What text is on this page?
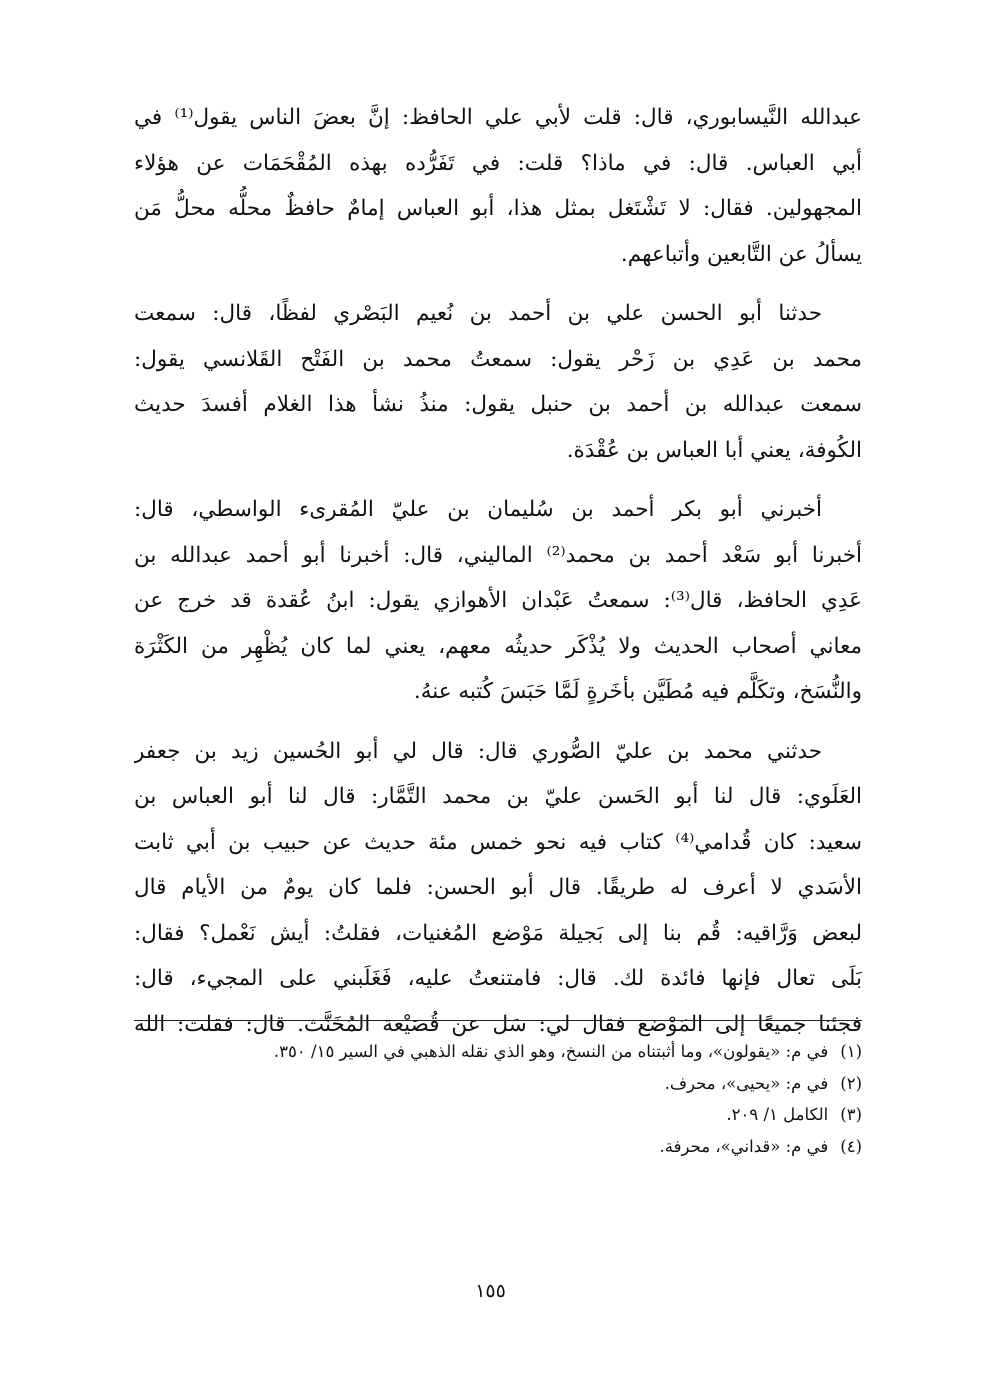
عبدالله النَّيسابوري، قال: قلت لأبي علي الحافظ: إنَّ بعضَ الناس يقول⁽¹⁾ في
أبي العباس. قال: في ماذا؟ قلت: في تَفَرُّده بهذه المُقْحَمَات عن هؤلاء
المجهولين. فقال: لا تَشْتَغل بمثل هذا، أبو العباس إمامٌ حافظٌ محلُّه محلُّ مَن
يسألُ عن التَّابعين وأتباعهم.
حدثنا أبو الحسن علي بن أحمد بن نُعيم البَصْري لفظًا، قال: سمعت
محمد بن عَدِي بن زَحْر يقول: سمعتُ محمد بن الفَتْح القَلانسي يقول:
سمعت عبدالله بن أحمد بن حنبل يقول: منذُ نشأ هذا الغلام أفسدَ حديث
الكُوفة، يعني أبا العباس بن عُقْدَة.
أخبرني أبو بكر أحمد بن سُليمان بن عليّ المُقرىء الواسطي، قال:
أخبرنا أبو سَعْد أحمد بن محمد⁽²⁾ الماليني، قال: أخبرنا أبو أحمد عبدالله بن
عَدِي الحافظ، قال⁽³⁾: سمعتُ عَبْدان الأهوازي يقول: ابنُ عُقدة قد خرج عن
معاني أصحاب الحديث ولا يُذْكَر حديثُه معهم، يعني لما كان يُظْهِر من الكَثْرَة
والنُّسَخ، وتكَلَّم فيه مُطَيَّن بأخَرةٍ لَمَّا حَبَسَ كُتبه عنهُ.
حدثني محمد بن عليّ الصُّوري قال: قال لي أبو الحُسين زيد بن جعفر
العَلَوي: قال لنا أبو الحَسن عليّ بن محمد التَّمَّار: قال لنا أبو العباس بن
سعيد: كان قُدامي⁽⁴⁾ كتاب فيه نحو خمس مئة حديث عن حبيب بن أبي ثابت
الأسَدي لا أعرف له طريقًا. قال أبو الحسن: فلما كان يومٌ من الأيام قال
لبعض وَرَّاقيه: قُم بنا إلى بَجيلة مَوْضع المُغنيات، فقلتُ: أيش نَعْمل؟ فقال:
بَلَى تعال فإنها فائدة لك. قال: فامتنعتُ عليه، فَغَلَبني على المجيء، قال:
فجئنا جميعًا إلى المَوْضع فقال لي: سَل عن قُصَيْعة المُخَنَّث. قال: فقلت: الله
(١)في م: «يقولون»، وما أثبتناه من النسخ، وهو الذي نقله الذهبي في السير ١٥/ ٣٥٠.
(٢)في م: «يحيى»، محرف.
(٣)الكامل ١/ ٢٠٩.
(٤)في م: «قداني»، محرفة.
١٥٥
